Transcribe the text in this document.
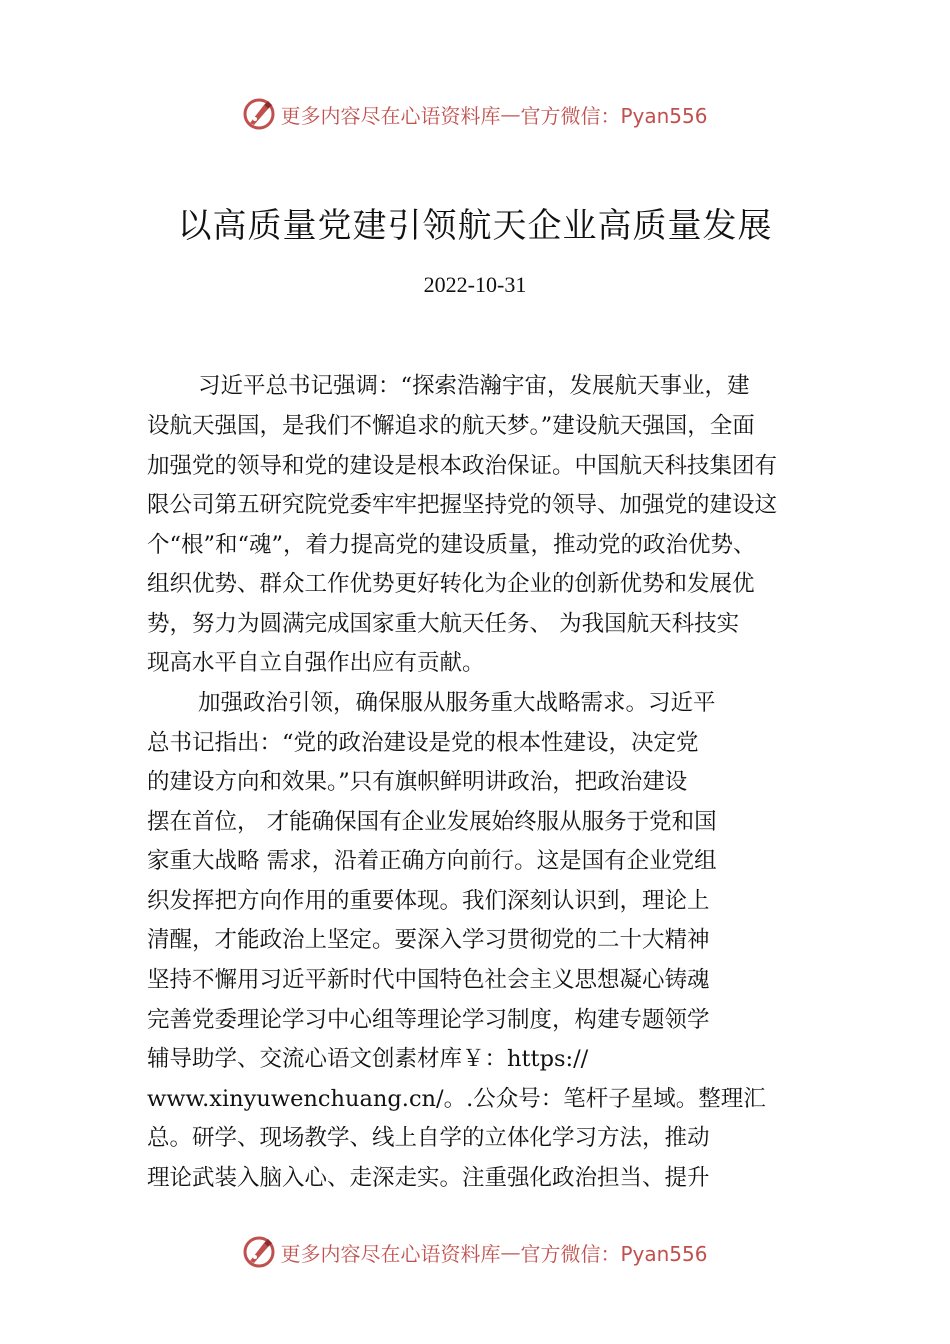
更多内容尽在心语资料库 — 官方微信：Pyan556
以高质量党建引领航天企业高质量发展
2022-10-31
习近平总书记强调：“探索浩瀚宇宙，发展航天事业，建
设航天强国，是我们不懈追求的航天梦。”建设航天强国，全面
加强党的领导和党的建设是根本政治保证。中国航天科技集团有
限公司第五研究院党委牢牢把握坚持党的领导、加强党的建设这
个“根”和“魂”，着力提高党的建设质量，推动党的政治优势、
组织优势、群众工作优势更好转化为企业的创新优势和发展优
势，努力为圆满完成国家重大航天任务、 为我国航天科技实
现高水平自立自强作出应有贡献。
加强政治引领，确保服从服务重大战略需求。习近平
总书记指出：“党的政治建设是党的根本性建设，决定党
的建设方向和效果。”只有旗帜鲜明讲政治，把政治建设
摆在首位， 才能确保国有企业发展始终服从服务于党和国
家重大战略 需求，沿着正确方向前行。这是国有企业党组
织发挥把方向作用的重要体现。我们深刻认识到，理论上
清醒，才能政治上坚定。要深入学习贯彻党的二十大精神
坚持不懈用习近平新时代中国特色社会主义思想凝心铸魂
完善党委理论学习中心组等理论学习制度，构建专题领学
辅导助学、交流心语文创素材库￥：https://
www.xinyuwenchuang.cn/。.公众号：笔杆子星域。整理汇
总。研学、现场教学、线上自学的立体化学习方法，推动
理论武装入脑入心、走深走实。注重强化政治担当、提升
更多内容尽在心语资料库 — 官方微信：Pyan556
